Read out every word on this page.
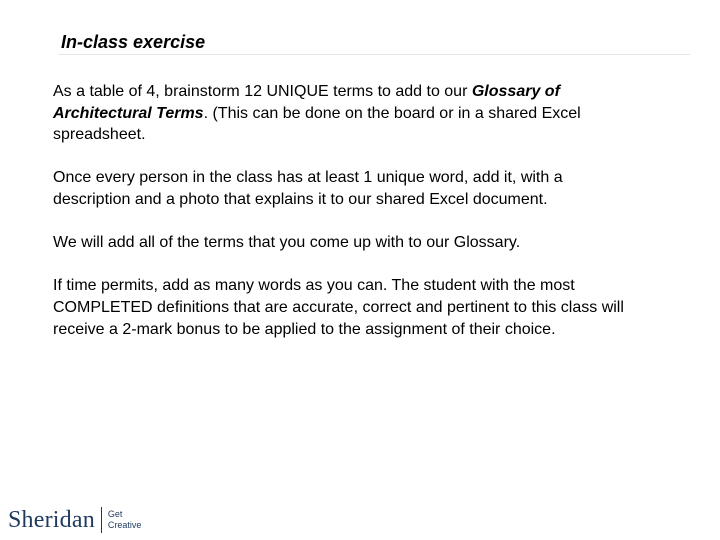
In-class exercise

As a table of 4, brainstorm 12 UNIQUE terms to add to our Glossary of Architectural Terms. (This can be done on the board or in a shared Excel spreadsheet.

Once every person in the class has at least 1 unique word, add it, with a description and a photo that explains it to our shared Excel document.

We will add all of the terms that you come up with to our Glossary.

If time permits, add as many words as you can. The student with the most COMPLETED definitions that are accurate, correct and pertinent to this class will receive a 2-mark bonus to be applied to the assignment of their choice.

Sheridan Get
Creative
